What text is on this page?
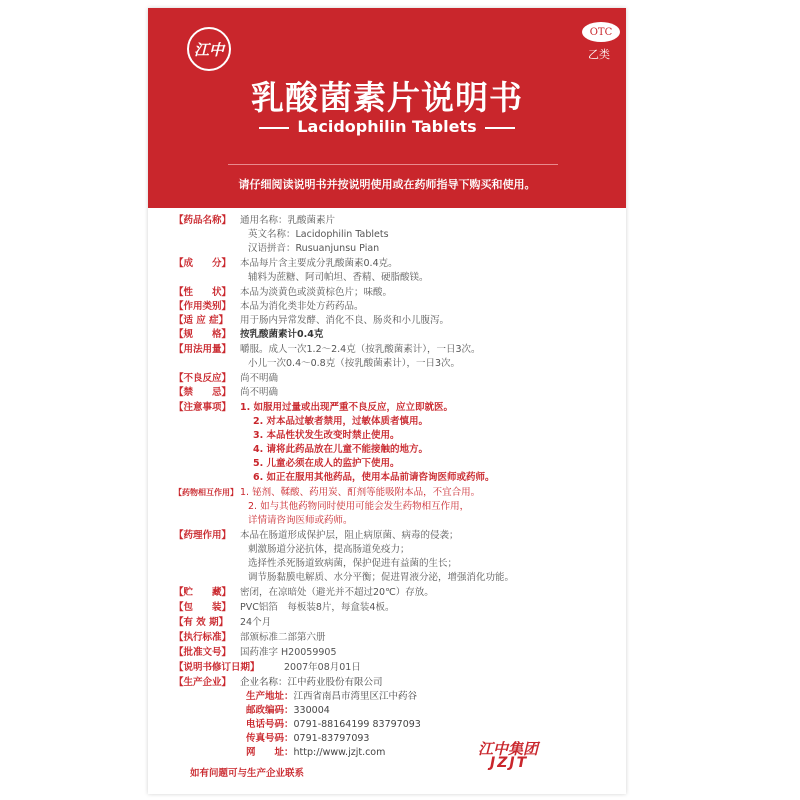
江中
OTC
乙类
乳酸菌素片说明书
Lacidophilin Tablets
请仔细阅读说明书并按说明使用或在药师指导下购买和使用。
【药品名称】 通用名称：乳酸菌素片
英文名称：Lacidophilin Tablets
汉语拼音：Rusuanjunsu Pian
【成　　分】 本品每片含主要成分乳酸菌素0.4克。
辅料为蔗糖、阿司帕坦、香精、硬脂酸镁。
【性　　状】 本品为淡黄色或淡黄棕色片；味酸。
【作用类别】 本品为消化类非处方药药品。
【适 应 症】 用于肠内异常发酵、消化不良、肠炎和小儿腹泻。
【规　　格】 按乳酸菌素计0.4克
【用法用量】 嚼服。成人一次1.2～2.4克（按乳酸菌素计），一日3次。
小儿一次0.4～0.8克（按乳酸菌素计），一日3次。
【不良反应】 尚不明确
【禁　　忌】 尚不明确
【注意事项】 1. 如服用过量或出现严重不良反应，应立即就医。
2. 对本品过敏者禁用，过敏体质者慎用。
3. 本品性状发生改变时禁止使用。
4. 请将此药品放在儿童不能接触的地方。
5. 儿童必须在成人的监护下使用。
6. 如正在服用其他药品，使用本品前请咨询医师或药师。
【药物相互作用】 1. 铋剂、鞣酸、药用炭、酊剂等能吸附本品，不宜合用。
2. 如与其他药物同时使用可能会发生药物相互作用，
详情请咨询医师或药师。
【药理作用】 本品在肠道形成保护层，阻止病原菌、病毒的侵袭；
刺激肠道分泌抗体，提高肠道免疫力；
选择性杀死肠道致病菌，保护促进有益菌的生长；
调节肠黏膜电解质、水分平衡；促进胃液分泌，增强消化功能。
【贮　　藏】 密闭，在凉暗处（避光并不超过20℃）存放。
【包　　装】 PVC铝箔　每板装8片，每盒装4板。
【有 效 期】 24个月
【执行标准】 部颁标准二部第六册
【批准文号】 国药准字 H20059905
【说明书修订日期】	2007年08月01日
【生产企业】 企业名称：江中药业股份有限公司
生产地址：江西省南昌市湾里区江中药谷
邮政编码：330004
电话号码：0791-88164199 83797093
传真号码：0791-83797093
网　　址：http://www.jzjt.com
如有问题可与生产企业联系
江中集团
JZJT
